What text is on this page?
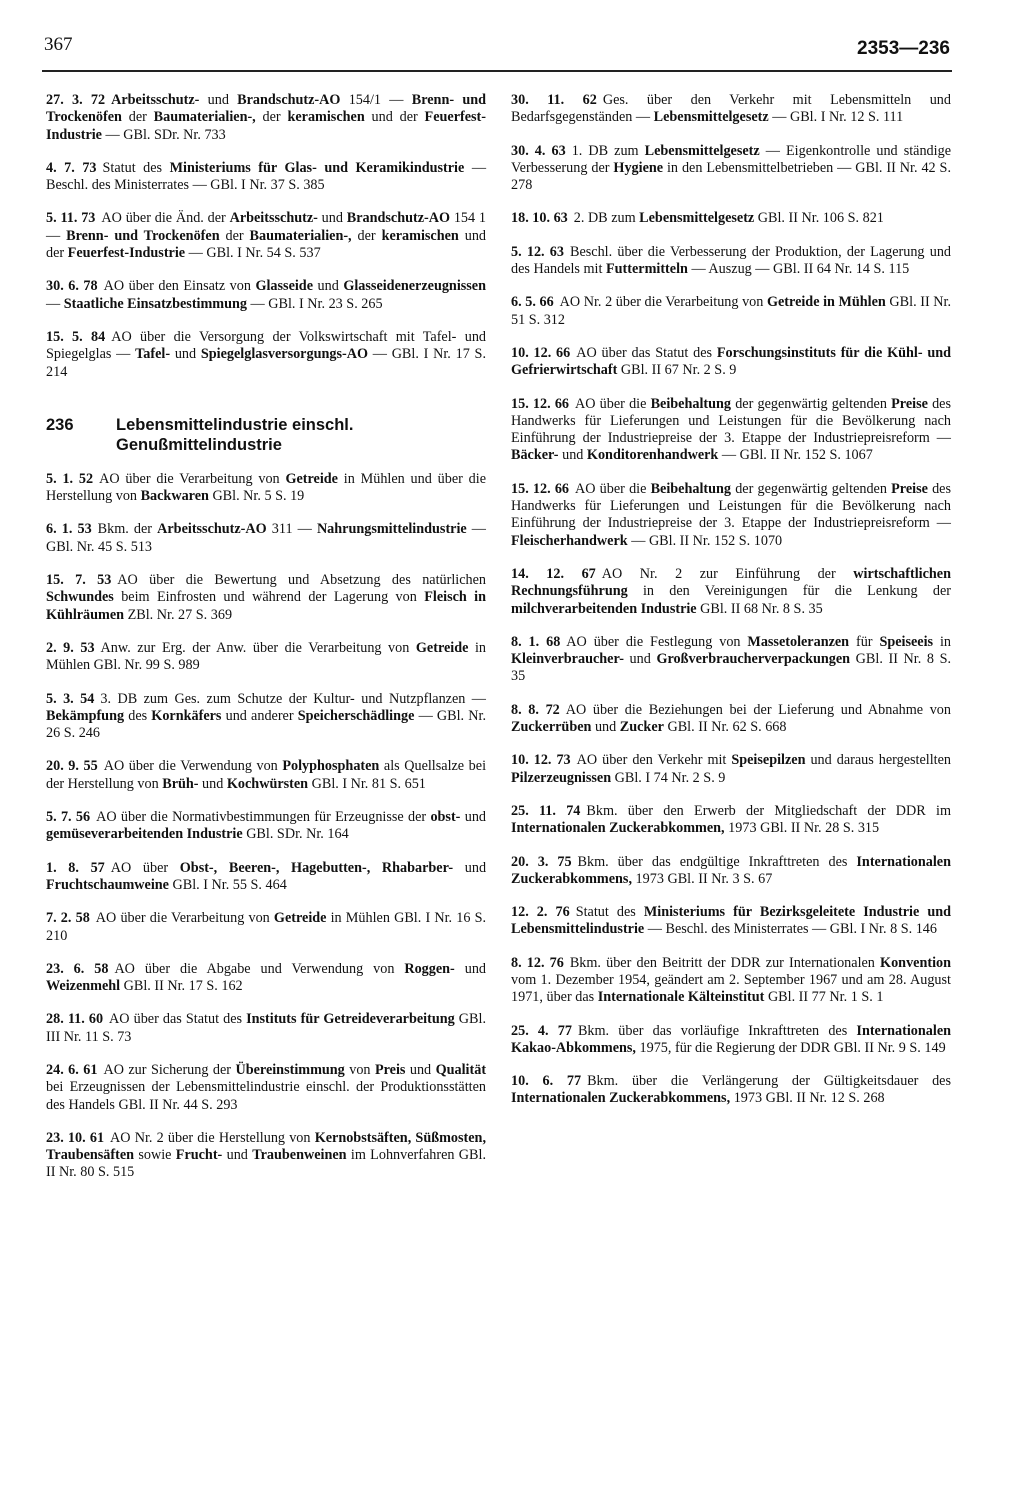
367	2353—236

27. 3. 72 Arbeitsschutz- und Brandschutz-AO 154/1 — Brenn- und Trockenöfen der Baumaterialien-, der keramischen und der Feuerfest-Industrie — GBl. SDr. Nr. 733

4. 7. 73 Statut des Ministeriums für Glas- und Keramikindustrie — Beschl. des Ministerrates — GBl. I Nr. 37 S. 385

5. 11. 73 AO über die Änd. der Arbeitsschutz- und Brandschutz-AO 154 1 — Brenn- und Trockenöfen der Baumaterialien-, der keramischen und der Feuerfest-Industrie — GBl. I Nr. 54 S. 537

30. 6. 78 AO über den Einsatz von Glasseide und Glasseidenerzeugnissen — Staatliche Einsatzbestimmung — GBl. I Nr. 23 S. 265

15. 5. 84 AO über die Versorgung der Volkswirtschaft mit Tafel- und Spiegelglas — Tafel- und Spiegelglasversorgungs-AO — GBl. I Nr. 17 S. 214

236	Lebensmittelindustrie einschl. Genußmittelindustrie

5. 1. 52 AO über die Verarbeitung von Getreide in Mühlen und über die Herstellung von Backwaren GBl. Nr. 5 S. 19

6. 1. 53 Bkm. der Arbeitsschutz-AO 311 — Nahrungsmittelindustrie — GBl. Nr. 45 S. 513

15. 7. 53 AO über die Bewertung und Absetzung des natürlichen Schwundes beim Einfrosten und während der Lagerung von Fleisch in Kühlräumen ZBl. Nr. 27 S. 369

2. 9. 53 Anw. zur Erg. der Anw. über die Verarbeitung von Getreide in Mühlen GBl. Nr. 99 S. 989

5. 3. 54 3. DB zum Ges. zum Schutze der Kultur- und Nutzpflanzen — Bekämpfung des Kornkäfers und anderer Speicherschädlinge — GBl. Nr. 26 S. 246

20. 9. 55 AO über die Verwendung von Polyphosphaten als Quellsalze bei der Herstellung von Brüh- und Kochwürsten GBl. I Nr. 81 S. 651

5. 7. 56 AO über die Normativbestimmungen für Erzeugnisse der obst- und gemüseverarbeitenden Industrie GBl. SDr. Nr. 164

1. 8. 57 AO über Obst-, Beeren-, Hagebutten-, Rhabarber- und Fruchtschaumweine GBl. I Nr. 55 S. 464

7. 2. 58 AO über die Verarbeitung von Getreide in Mühlen GBl. I Nr. 16 S. 210

23. 6. 58 AO über die Abgabe und Verwendung von Roggen- und Weizenmehl GBl. II Nr. 17 S. 162

28. 11. 60 AO über das Statut des Instituts für Getreideverarbeitung GBl. III Nr. 11 S. 73

24. 6. 61 AO zur Sicherung der Übereinstimmung von Preis und Qualität bei Erzeugnissen der Lebensmittelindustrie einschl. der Produktionsstätten des Handels GBl. II Nr. 44 S. 293

23. 10. 61 AO Nr. 2 über die Herstellung von Kernobstsäften, Süßmosten, Traubensäften sowie Frucht- und Traubenweinen im Lohnverfahren GBl. II Nr. 80 S. 515

30. 11. 62 Ges. über den Verkehr mit Lebensmitteln und Bedarfsgegenständen — Lebensmittelgesetz — GBl. I Nr. 12 S. 111

30. 4. 63 1. DB zum Lebensmittelgesetz — Eigenkontrolle und ständige Verbesserung der Hygiene in den Lebensmittelbetrieben — GBl. II Nr. 42 S. 278

18. 10. 63 2. DB zum Lebensmittelgesetz GBl. II Nr. 106 S. 821

5. 12. 63 Beschl. über die Verbesserung der Produktion, der Lagerung und des Handels mit Futtermitteln — Auszug — GBl. II 64 Nr. 14 S. 115

6. 5. 66 AO Nr. 2 über die Verarbeitung von Getreide in Mühlen GBl. II Nr. 51 S. 312

10. 12. 66 AO über das Statut des Forschungsinstituts für die Kühl- und Gefrierwirtschaft GBl. II 67 Nr. 2 S. 9

15. 12. 66 AO über die Beibehaltung der gegenwärtig geltenden Preise des Handwerks für Lieferungen und Leistungen für die Bevölkerung nach Einführung der Industriepreise der 3. Etappe der Industriepreisreform — Bäcker- und Konditorenhandwerk — GBl. II Nr. 152 S. 1067

15. 12. 66 AO über die Beibehaltung der gegenwärtig geltenden Preise des Handwerks für Lieferungen und Leistungen für die Bevölkerung nach Einführung der Industriepreise der 3. Etappe der Industriepreisreform — Fleischerhandwerk — GBl. II Nr. 152 S. 1070

14. 12. 67 AO Nr. 2 zur Einführung der wirtschaftlichen Rechnungsführung in den Vereinigungen für die Lenkung der milchverarbeitenden Industrie GBl. II 68 Nr. 8 S. 35

8. 1. 68 AO über die Festlegung von Massetoleranzen für Speiseeis in Kleinverbraucher- und Großverbraucherverpackungen GBl. II Nr. 8 S. 35

8. 8. 72 AO über die Beziehungen bei der Lieferung und Abnahme von Zuckerrüben und Zucker GBl. II Nr. 62 S. 668

10. 12. 73 AO über den Verkehr mit Speisepilzen und daraus hergestellten Pilzerzeugnissen GBl. I 74 Nr. 2 S. 9

25. 11. 74 Bkm. über den Erwerb der Mitgliedschaft der DDR im Internationalen Zuckerabkommen, 1973 GBl. II Nr. 28 S. 315

20. 3. 75 Bkm. über das endgültige Inkrafttreten des Internationalen Zuckerabkommens, 1973 GBl. II Nr. 3 S. 67

12. 2. 76 Statut des Ministeriums für Bezirksgeleitete Industrie und Lebensmittelindustrie — Beschl. des Ministerrates — GBl. I Nr. 8 S. 146

8. 12. 76 Bkm. über den Beitritt der DDR zur Internationalen Konvention vom 1. Dezember 1954, geändert am 2. September 1967 und am 28. August 1971, über das Internationale Kälteinstitut GBl. II 77 Nr. 1 S. 1

25. 4. 77 Bkm. über das vorläufige Inkrafttreten des Internationalen Kakao-Abkommens, 1975, für die Regierung der DDR GBl. II Nr. 9 S. 149

10. 6. 77 Bkm. über die Verlängerung der Gültigkeitsdauer des Internationalen Zuckerabkommens, 1973 GBl. II Nr. 12 S. 268
